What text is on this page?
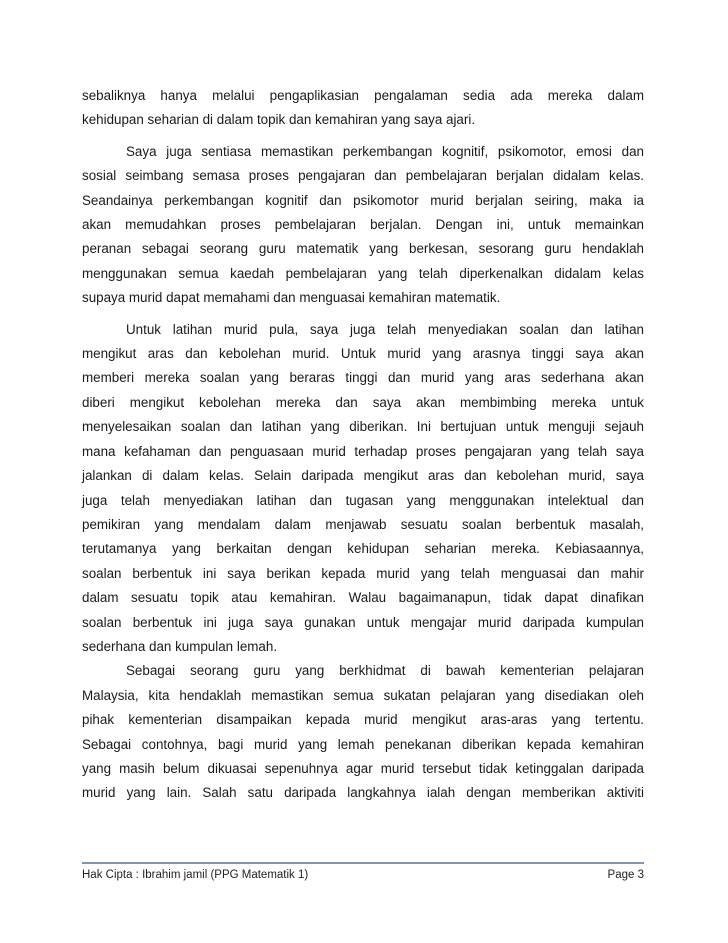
sebaliknya hanya melalui pengaplikasian pengalaman sedia ada mereka dalam
kehidupan seharian di dalam topik dan kemahiran yang saya ajari.

Saya juga sentiasa memastikan perkembangan kognitif, psikomotor, emosi dan
sosial seimbang semasa proses pengajaran dan pembelajaran berjalan didalam kelas.
Seandainya perkembangan kognitif dan psikomotor murid berjalan seiring, maka ia
akan memudahkan proses pembelajaran berjalan. Dengan ini, untuk memainkan
peranan sebagai seorang guru matematik yang berkesan, sesorang guru hendaklah
menggunakan semua kaedah pembelajaran yang telah diperkenalkan didalam kelas
supaya murid dapat memahami dan menguasai kemahiran matematik.

Untuk latihan murid pula, saya juga telah menyediakan soalan dan latihan
mengikut aras dan kebolehan murid. Untuk murid yang arasnya tinggi saya akan
memberi mereka soalan yang beraras tinggi dan murid yang aras sederhana akan
diberi mengikut kebolehan mereka dan saya akan membimbing mereka untuk
menyelesaikan soalan dan latihan yang diberikan. Ini bertujuan untuk menguji sejauh
mana kefahaman dan penguasaan murid terhadap proses pengajaran yang telah saya
jalankan di dalam kelas. Selain daripada mengikut aras dan kebolehan murid, saya
juga telah menyediakan latihan dan tugasan yang menggunakan intelektual dan
pemikiran yang mendalam dalam menjawab sesuatu soalan berbentuk masalah,
terutamanya yang berkaitan dengan kehidupan seharian mereka. Kebiasaannya,
soalan berbentuk ini saya berikan kepada murid yang telah menguasai dan mahir
dalam sesuatu topik atau kemahiran. Walau bagaimanapun, tidak dapat dinafikan
soalan berbentuk ini juga saya gunakan untuk mengajar murid daripada kumpulan
sederhana dan kumpulan lemah.

Sebagai seorang guru yang berkhidmat di bawah kementerian pelajaran
Malaysia, kita hendaklah memastikan semua sukatan pelajaran yang disediakan oleh
pihak kementerian disampaikan kepada murid mengikut aras-aras yang tertentu.
Sebagai contohnya, bagi murid yang lemah penekanan diberikan kepada kemahiran
yang masih belum dikuasai sepenuhnya agar murid tersebut tidak ketinggalan daripada
murid yang lain. Salah satu daripada langkahnya ialah dengan memberikan aktiviti

Hak Cipta : Ibrahim jamil (PPG Matematik 1)	Page 3
